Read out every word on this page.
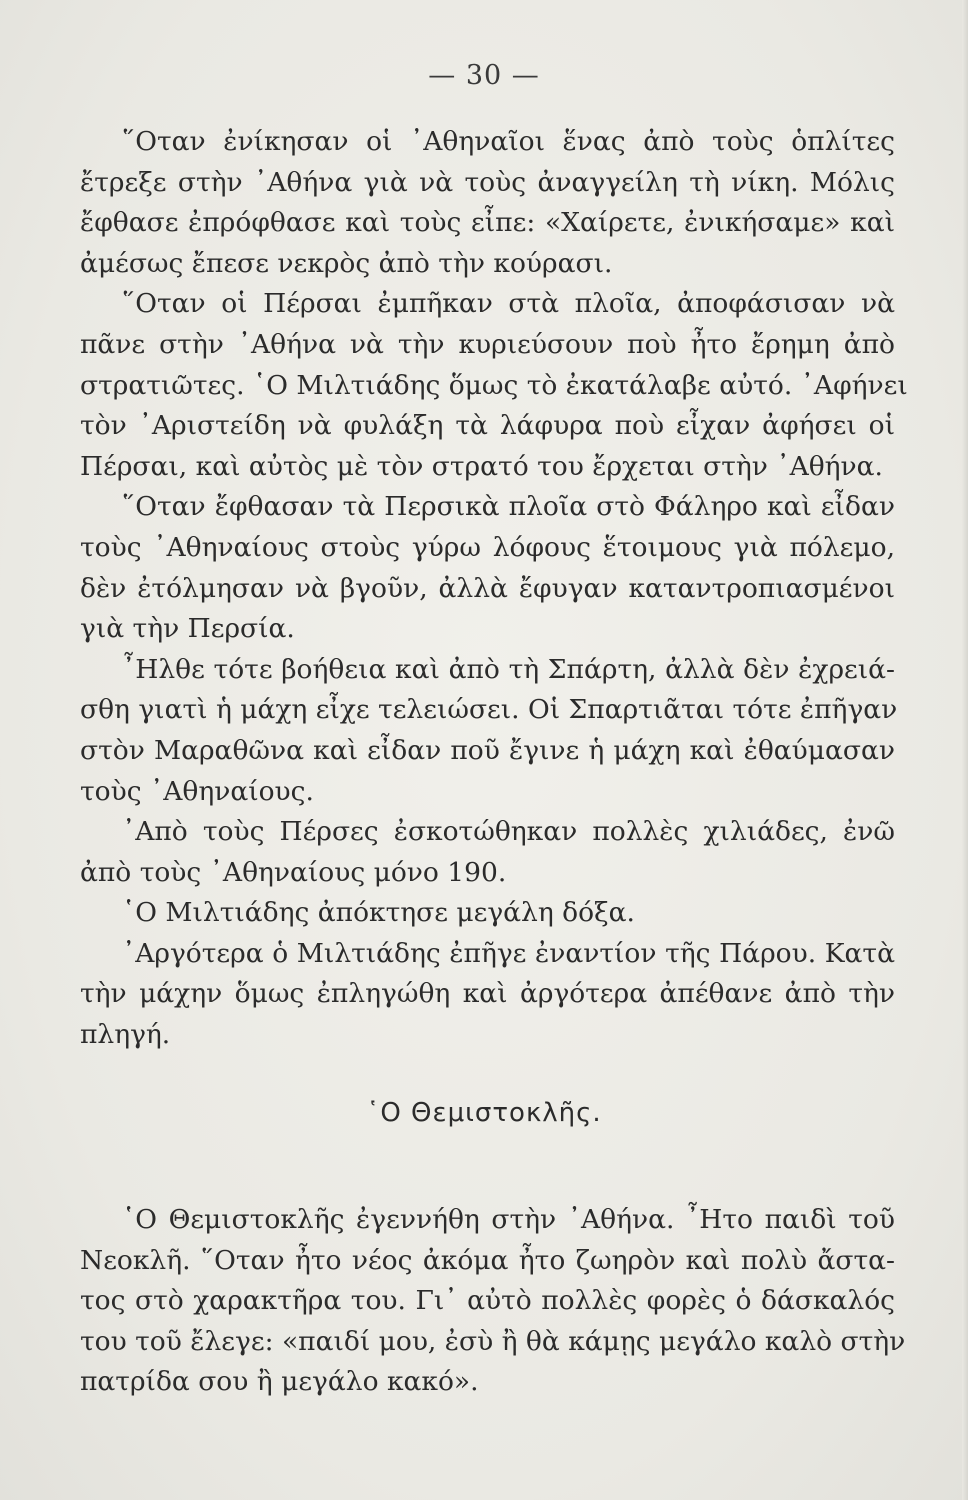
— 30 —
῞Οταν ἐνίκησαν οἱ ᾿Αθηναῖοι ἕνας ἀπὸ τοὺς ὁπλίτες
ἔτρεξε στὴν ᾿Αθήνα γιὰ νὰ τοὺς ἀναγγείλη τὴ νίκη. Μόλις
ἔφθασε ἐπρόφθασε καὶ τοὺς εἶπε: «Χαίρετε, ἐνικήσαμε» καὶ
ἀμέσως ἔπεσε νεκρὸς ἀπὸ τὴν κούρασι.
῞Οταν οἱ Πέρσαι ἐμπῆκαν στὰ πλοῖα, ἀποφάσισαν νὰ
πᾶνε στὴν ᾿Αθήνα νὰ τὴν κυριεύσουν ποὺ ἦτο ἔρημη ἀπὸ
στρατιῶτες. ῾Ο Μιλτιάδης ὅμως τὸ ἐκατάλαβε αὐτό. ᾿Αφήνει
τὸν ᾿Αριστείδη νὰ φυλάξη τὰ λάφυρα ποὺ εἶχαν ἀφήσει οἱ
Πέρσαι, καὶ αὐτὸς μὲ τὸν στρατό του ἔρχεται στὴν ᾿Αθήνα.
῞Οταν ἔφθασαν τὰ Περσικὰ πλοῖα στὸ Φάληρο καὶ εἶδαν
τοὺς ᾿Αθηναίους στοὺς γύρω λόφους ἕτοιμους γιὰ πόλεμο,
δὲν ἐτόλμησαν νὰ βγοῦν, ἀλλὰ ἔφυγαν καταντροπιασμένοι
γιὰ τὴν Περσία.
῏Ηλθε τότε βοήθεια καὶ ἀπὸ τὴ Σπάρτη, ἀλλὰ δὲν ἐχρειά-
σθη γιατὶ ἡ μάχη εἶχε τελειώσει. Οἱ Σπαρτιᾶται τότε ἐπῆγαν
στὸν Μαραθῶνα καὶ εἶδαν ποῦ ἔγινε ἡ μάχη καὶ ἐθαύμασαν
τοὺς ᾿Αθηναίους.
᾿Απὸ τοὺς Πέρσες ἐσκοτώθηκαν πολλὲς χιλιάδες, ἐνῶ
ἀπὸ τοὺς ᾿Αθηναίους μόνο 190.
῾Ο Μιλτιάδης ἀπόκτησε μεγάλη δόξα.
᾿Αργότερα ὁ Μιλτιάδης ἐπῆγε ἐναντίον τῆς Πάρου. Κατὰ
τὴν μάχην ὅμως ἐπληγώθη καὶ ἀργότερα ἀπέθανε ἀπὸ τὴν
πληγή.
῾Ο Θεμιστοκλῆς.
῾Ο Θεμιστοκλῆς ἐγεννήθη στὴν ᾿Αθήνα. ῏Ητο παιδὶ τοῦ
Νεοκλῆ. ῞Οταν ἦτο νέος ἀκόμα ἦτο ζωηρὸν καὶ πολὺ ἄστα-
τος στὸ χαρακτῆρα του. Γι᾿ αὐτὸ πολλὲς φορὲς ὁ δάσκαλός
του τοῦ ἔλεγε: «παιδί μου, ἐσὺ ἢ θὰ κάμῃς μεγάλο καλὸ στὴν
πατρίδα σου ἢ μεγάλο κακό».
